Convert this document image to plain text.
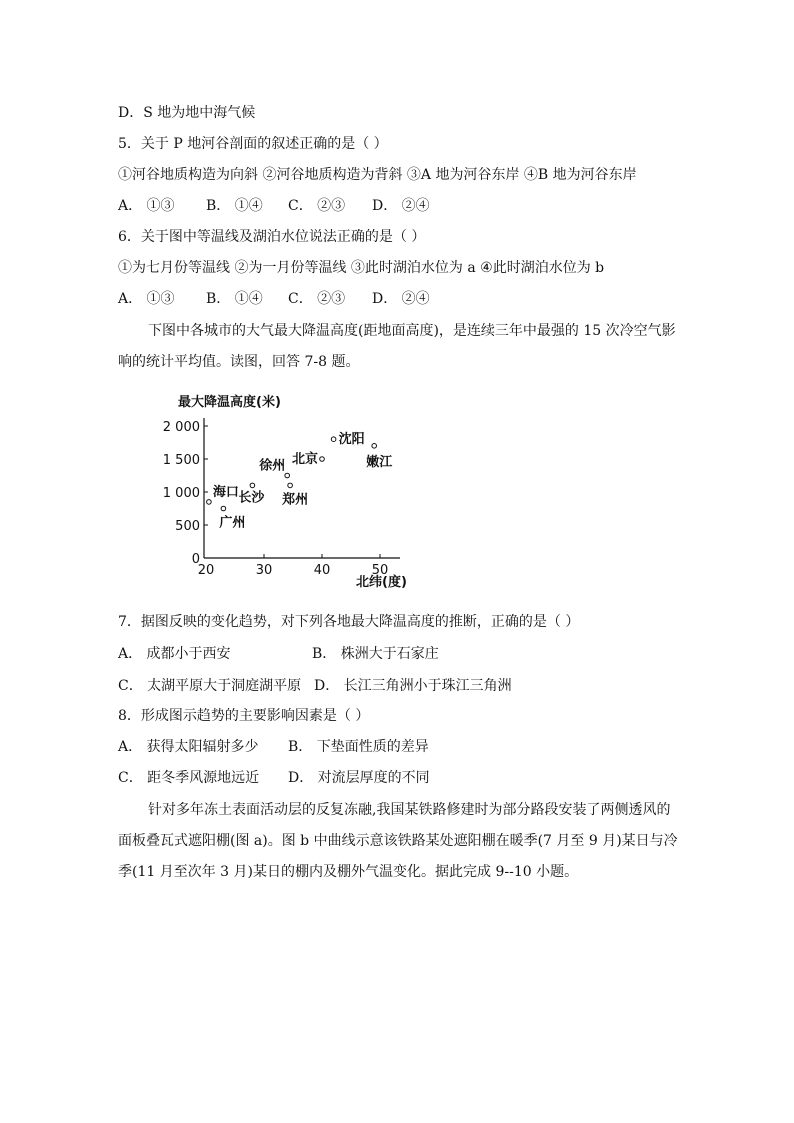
D．S 地为地中海气候
5．关于 P 地河谷剖面的叙述正确的是（ ）
①河谷地质构造为向斜 ②河谷地质构造为背斜 ③A 地为河谷东岸 ④B 地为河谷东岸
A． ①③ B． ①④ C． ②③ D． ②④
6．关于图中等温线及湖泊水位说法正确的是（ ）
①为七月份等温线 ②为一月份等温线 ③此时湖泊水位为 a ④此时湖泊水位为 b
A． ①③ B． ①④ C． ②③ D． ②④
下图中各城市的大气最大降温高度(距地面高度)，是连续三年中最强的 15 次冷空气影
响的统计平均值。读图，回答 7-8 题。
最大降温高度(米)
0
500
1 000
1 500
2 000
20	30	40	50
海口
广州
长沙
徐州
郑州
北京
沈阳
嫩江
北纬(度)
7．据图反映的变化趋势，对下列各地最大降温高度的推断，正确的是（ ）
A． 成都小于西安	B． 株洲大于石家庄
C． 太湖平原大于洞庭湖平原 D． 长江三角洲小于珠江三角洲
8．形成图示趋势的主要影响因素是（ ）
A． 获得太阳辐射多少 B． 下垫面性质的差异
C． 距冬季风源地远近 D． 对流层厚度的不同
针对多年冻土表面活动层的反复冻融,我国某铁路修建时为部分路段安装了两侧透风的
面板叠瓦式遮阳棚(图 a)。图 b 中曲线示意该铁路某处遮阳棚在暖季(7 月至 9 月)某日与冷
季(11 月至次年 3 月)某日的棚内及棚外气温变化。据此完成 9--10 小题。
